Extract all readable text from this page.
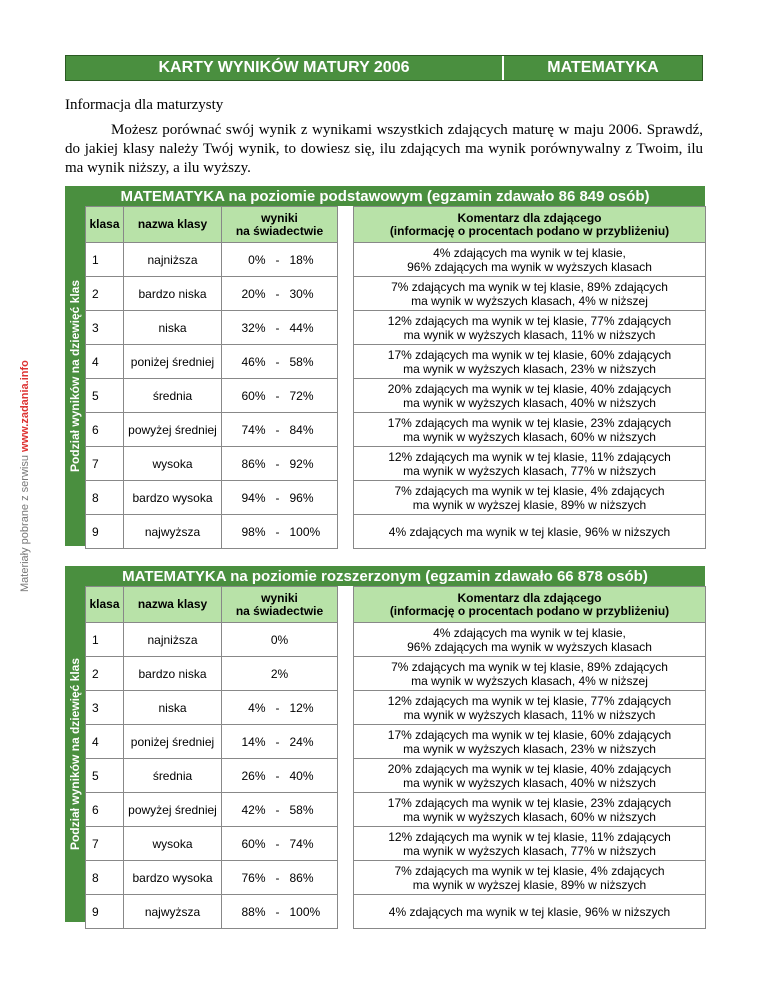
Materiały pobrane z serwisu www.zadania.info
KARTY WYNIKÓW MATURY 2006	MATEMATYKA
Informacja dla maturzysty
Możesz porównać swój wynik z wynikami wszystkich zdających maturę w maju 2006. Sprawdź, do jakiej klasy należy Twój wynik, to dowiesz się, ilu zdających ma wynik porównywalny z Twoim, ilu ma wynik niższy, a ilu wyższy.
MATEMATYKA na poziomie podstawowym (egzamin zdawało 86 849 osób)
Podział wyników na dziewięć klas
klasa	nazwa klasy	wyniki
na świadectwie		Komentarz dla zdającego
(informację o procentach podano w przybliżeniu)
1	najniższa	0% - 18%		4% zdających ma wynik w tej klasie,
96% zdających ma wynik w wyższych klasach
2	bardzo niska	20% - 30%		7% zdających ma wynik w tej klasie, 89% zdających
ma wynik w wyższych klasach, 4% w niższej
3	niska	32% - 44%		12% zdających ma wynik w tej klasie, 77% zdających
ma wynik w wyższych klasach, 11% w niższych
4	poniżej średniej	46% - 58%		17% zdających ma wynik w tej klasie, 60% zdających
ma wynik w wyższych klasach, 23% w niższych
5	średnia	60% - 72%		20% zdających ma wynik w tej klasie, 40% zdających
ma wynik w wyższych klasach, 40% w niższych
6	powyżej średniej	74% - 84%		17% zdających ma wynik w tej klasie, 23% zdających
ma wynik w wyższych klasach, 60% w niższych
7	wysoka	86% - 92%		12% zdających ma wynik w tej klasie, 11% zdających
ma wynik w wyższych klasach, 77% w niższych
8	bardzo wysoka	94% - 96%		7% zdających ma wynik w tej klasie, 4% zdających
ma wynik w wyższej klasie, 89% w niższych
9	najwyższa	98% - 100%		4% zdających ma wynik w tej klasie, 96% w niższych
MATEMATYKA na poziomie rozszerzonym (egzamin zdawało 66 878 osób)
Podział wyników na dziewięć klas
klasa	nazwa klasy	wyniki
na świadectwie		Komentarz dla zdającego
(informację o procentach podano w przybliżeniu)
1	najniższa	0%		4% zdających ma wynik w tej klasie,
96% zdających ma wynik w wyższych klasach
2	bardzo niska	2%		7% zdających ma wynik w tej klasie, 89% zdających
ma wynik w wyższych klasach, 4% w niższej
3	niska	4% - 12%		12% zdających ma wynik w tej klasie, 77% zdających
ma wynik w wyższych klasach, 11% w niższych
4	poniżej średniej	14% - 24%		17% zdających ma wynik w tej klasie, 60% zdających
ma wynik w wyższych klasach, 23% w niższych
5	średnia	26% - 40%		20% zdających ma wynik w tej klasie, 40% zdających
ma wynik w wyższych klasach, 40% w niższych
6	powyżej średniej	42% - 58%		17% zdających ma wynik w tej klasie, 23% zdających
ma wynik w wyższych klasach, 60% w niższych
7	wysoka	60% - 74%		12% zdających ma wynik w tej klasie, 11% zdających
ma wynik w wyższych klasach, 77% w niższych
8	bardzo wysoka	76% - 86%		7% zdających ma wynik w tej klasie, 4% zdających
ma wynik w wyższej klasie, 89% w niższych
9	najwyższa	88% - 100%		4% zdających ma wynik w tej klasie, 96% w niższych
